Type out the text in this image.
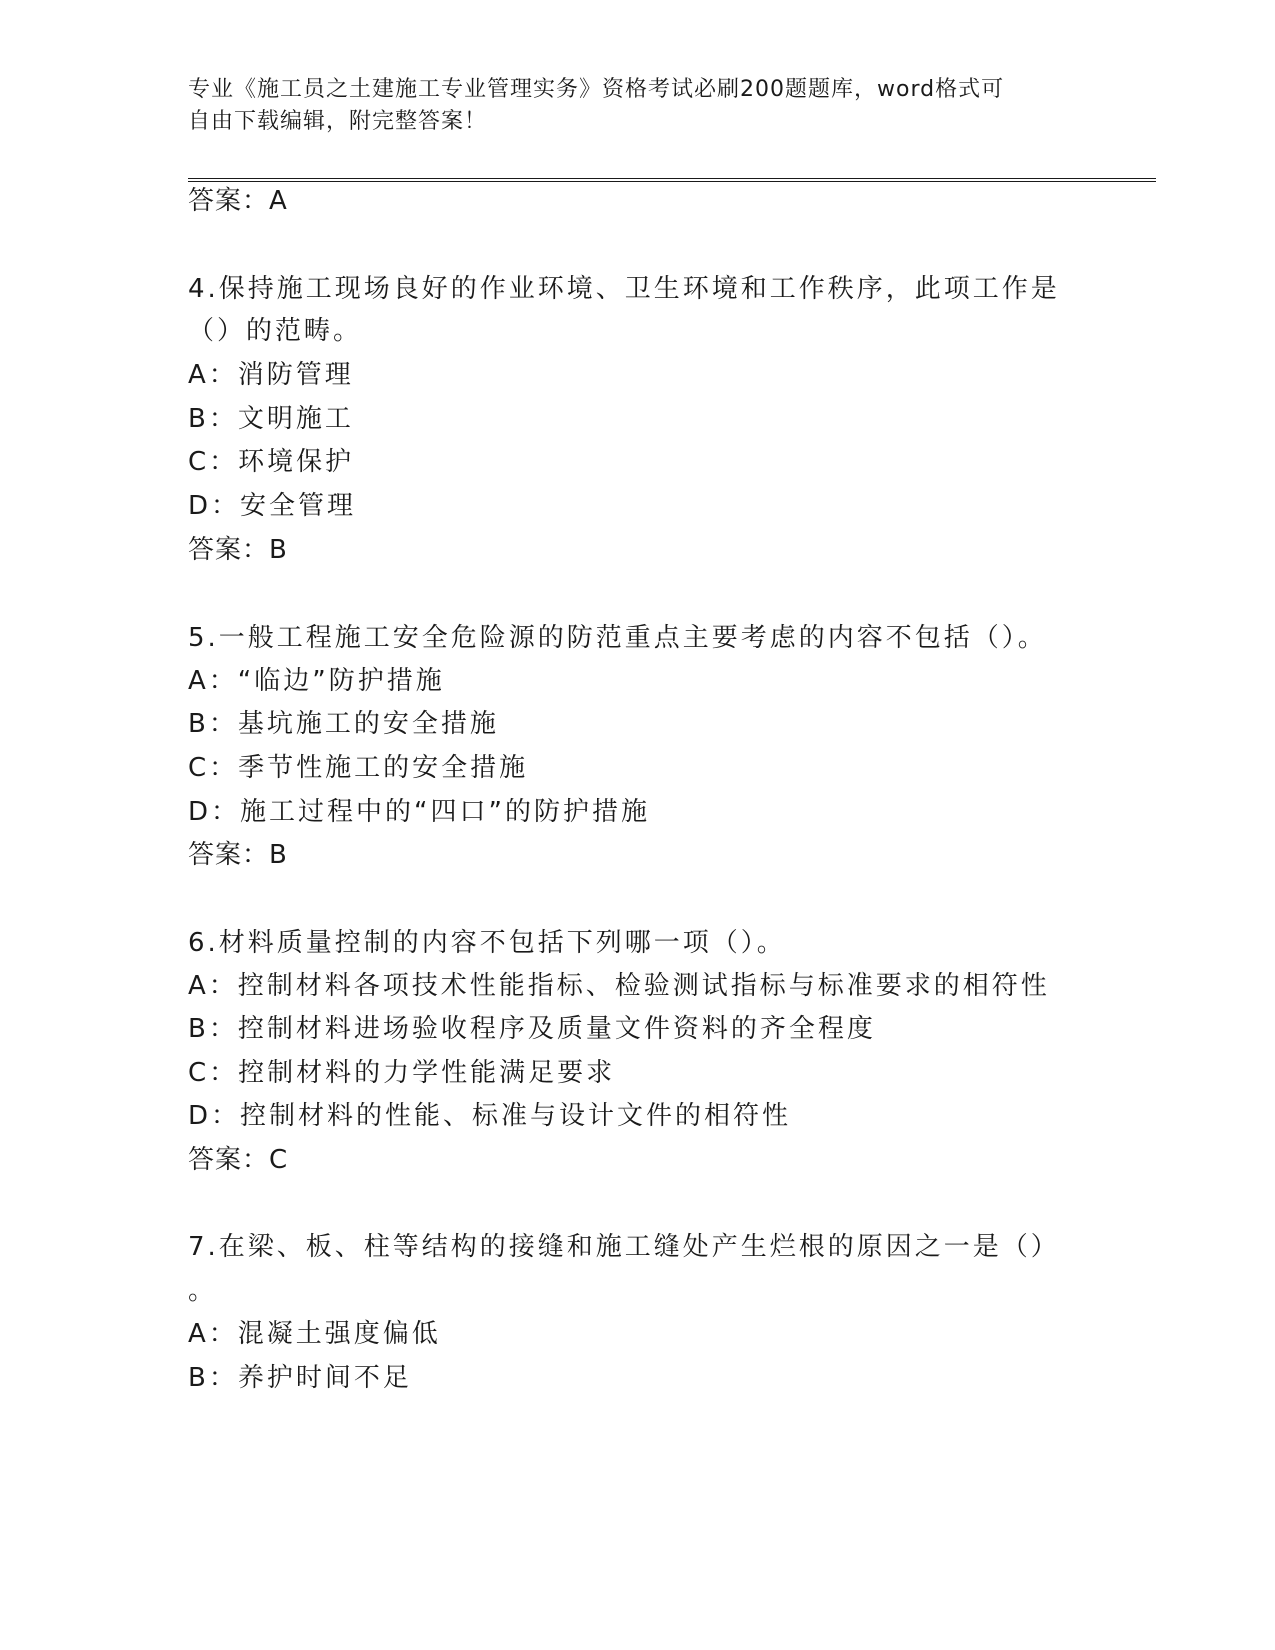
专业《施工员之土建施工专业管理实务》资格考试必刷200题题库，word格式可
自由下载编辑，附完整答案！
答案：A
4.保持施工现场良好的作业环境、卫生环境和工作秩序，此项工作是
（）的范畴。
A：消防管理
B：文明施工
C：环境保护
D：安全管理
答案：B
5.一般工程施工安全危险源的防范重点主要考虑的内容不包括（）。
A：“临边”防护措施
B：基坑施工的安全措施
C：季节性施工的安全措施
D：施工过程中的“四口”的防护措施
答案：B
6.材料质量控制的内容不包括下列哪一项（）。
A：控制材料各项技术性能指标、检验测试指标与标准要求的相符性
B：控制材料进场验收程序及质量文件资料的齐全程度
C：控制材料的力学性能满足要求
D：控制材料的性能、标准与设计文件的相符性
答案：C
7.在梁、板、柱等结构的接缝和施工缝处产生烂根的原因之一是（）
。
A：混凝土强度偏低
B：养护时间不足
